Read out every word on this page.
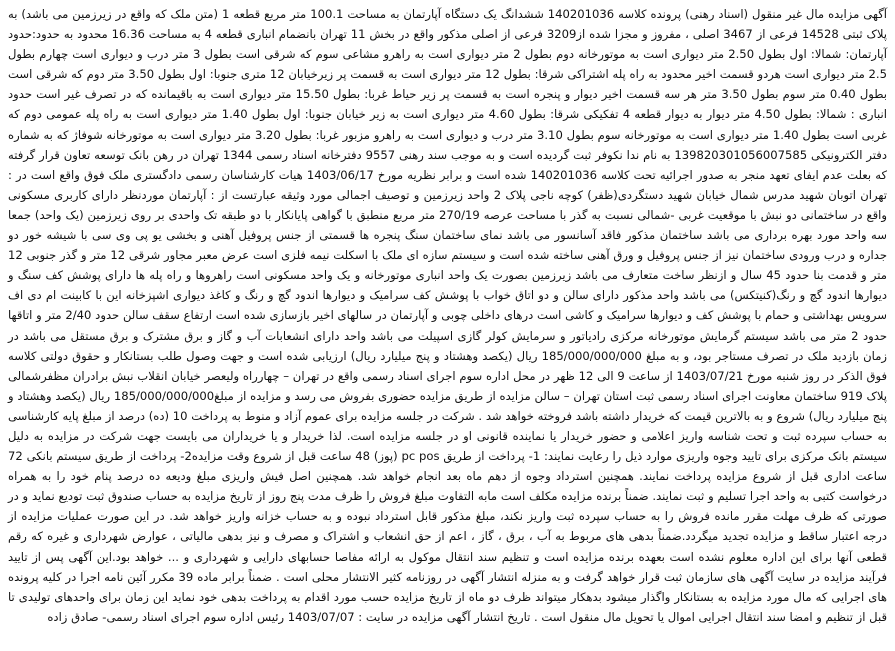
آگهی مزایده مال غیر منقول (اسناد رهنی) پرونده کلاسه 140201036 ششدانگ یک دستگاه آپارتمان به مساحت 100.1 متر مربع قطعه 1 (متن ملک که واقع در زیرزمین می باشد) به پلاک ثبتی 14528 فرعی از 3467 اصلی ، مفروز و مجزا شده از3209 فرعی از اصلی مذکور واقع در بخش 11 تهران بانضمام انباری قطعه 4 به مساحت 16.36 محدود به حدود:حدود آپارتمان: شمالا: اول بطول 2.50 متر دیواری است به موتورخانه دوم بطول 2 متر دیواری است به راهرو مشاعی سوم که شرقی است بطول 3 متر درب و دیواری است چهارم بطول 2.5 متر دیواری است هردو قسمت اخیر محدود به راه پله اشتراکی شرقا: بطول 12 متر دیواری است به قسمت پر زیرخیابان 12 متری جنوبا: اول بطول 3.50 متر دوم که شرقی است بطول 0.40 متر سوم بطول 3.50 متر هر سه قسمت اخیر دیوار و پنجره است به قسمت پر زیر حیاط غربا: بطول 15.50 متر دیواری است به باقیمانده که در تصرف غیر است حدود انباری : شمالا: بطول 4.50 متر دیوار به دیوار قطعه 4 تفکیکی شرقا: بطول 4.60 متر دیواری است به زیر خیابان جنوبا: اول بطول 1.40 متر دیواری است به راه پله عمومی دوم که غربی است بطول 1.40 متر دیواری است به موتورخانه سوم بطول 3.10 متر درب و دیواری است به راهرو مزبور غربا: بطول 3.20 متر دیواری است به موتورخانه شوفاژ که به شماره دفتر الکترونیکی 139820301056007585 به نام ندا نکوفر ثبت گردیده است و به موجب سند رهنی 9557 دفترخانه اسناد رسمی 1344 تهران در رهن بانک توسعه تعاون قرار گرفته که بعلت عدم ایفای تعهد منجر به صدور اجرائیه تحت کلاسه 140201036 شده است و برابر نظریه مورخ 1403/06/17 هیات کارشناسان رسمی دادگستری ملک فوق واقع است در : تهران اتوبان شهید مدرس شمال خیابان شهید دستگردی(ظفر) کوچه ناجی پلاک 2 واحد زیرزمین و توصیف اجمالی مورد وثیقه عبارتست از : آپارتمان موردنظر دارای کاربری مسکونی واقع در ساختمانی دو نبش با موقعیت غربی -شمالی نسبت به گذر با مساحت عرصه 270/19 متر مربع منطبق با گواهی پایانکار با دو طبقه تک واحدی بر روی زیرزمین (یک واحد) جمعا سه واحد مورد بهره برداری می باشد ساختمان مذکور فاقد آسانسور می باشد نمای ساختمان سنگ پنجره ها قسمتی از جنس پروفیل آهنی و بخشی یو پی وی سی با شیشه خور دو جداره و درب ورودی ساختمان نیز از جنس پروفیل و ورق آهنی ساخته شده است و سیستم سازه ای ملک با اسکلت نیمه فلزی است عرض معبر مجاور شرقی 12 متر و گذر جنوبی 12 متر و قدمت بنا حدود 45 سال و ازنظر ساخت متعارف می باشد زیرزمین بصورت یک واحد انباری موتورخانه و یک واحد مسکونی است راهروها و راه پله ها دارای پوشش کف سنگ و دیوارها اندود گچ و رنگ(کنیتکس) می باشد واحد مذکور دارای سالن و دو اتاق خواب با پوشش کف سرامیک و دیوارها اندود گچ و رنگ و کاغذ دیواری اشپزخانه این با کابینت ام دی اف سرویس بهداشتی و حمام با پوشش کف و دیوارها سرامیک و کاشی است درهای داخلی چوبی و آپارتمان در سالهای اخیر بازسازی شده است ارتفاع سقف سالن حدود 2/40 متر و اتاقها حدود 2 متر می باشد سیستم گرمایش موتورخانه مرکزی رادیاتور و سرمایش کولر گازی اسپیلت می باشد واحد دارای انشعابات آب و گاز و برق مشترک و برق مستقل می باشد در زمان بازدید ملک در تصرف مستاجر بود، و به مبلغ 185/000/000/000 ریال (یکصد وهشتاد و پنج میلیارد ریال) ارزیابی شده است و جهت وصول طلب بستانکار و حقوق دولتی کلاسه فوق الذکر در روز شنبه مورخ 1403/07/21 از ساعت 9 الی 12 ظهر در محل اداره سوم اجرای اسناد رسمی واقع در تهران – چهارراه ولیعصر خیابان انقلاب نبش برادران مظفرشمالی پلاک 919 ساختمان معاونت اجرای اسناد رسمی ثبت استان تهران – سالن مزایده از طریق مزایده حضوری بفروش می رسد و مزایده از مبلغ185/000/000/000 ریال (یکصد وهشتاد و پنج میلیارد ریال) شروع و به بالاترین قیمت که خریدار داشته باشد فروخته خواهد شد . شرکت در جلسه مزایده برای عموم آزاد و منوط به پرداخت 10 (ده) درصد از مبلغ پایه کارشناسی به حساب سپرده ثبت و تحت شناسه واریز اعلامی و حضور خریدار یا نماینده قانونی او در جلسه مزایده است. لذا خریدار و یا خریداران می بایست جهت شرکت در مزایده به دلیل سیستم بانک مرکزی برای تایید وجوه واریزی موارد ذیل را رعایت نمایند: 1- پرداخت از طریق pc pos (پوز) 48 ساعت قبل از شروع وقت مزایده2- پرداخت از طریق سیستم بانکی 72 ساعت اداری قبل از شروع مزایده پرداخت نمایند. همچنین استرداد وجوه از دهم ماه بعد انجام خواهد شد. همچنین اصل فیش واریزی مبلغ ودیعه ده درصد پنام خود را به همراه درخواست کتبی به واحد اجرا تسلیم و ثبت نمایند. ضمناً برنده مزایده مکلف است مابه التفاوت مبلغ فروش را ظرف مدت پنج روز از تاریخ مزایده به حساب صندوق ثبت تودیع نماید و در صورتی که ظرف مهلت مقرر مانده فروش را به حساب سپرده ثبت واریز نکند، مبلغ مذکور قابل استرداد نبوده و به حساب خزانه واریز خواهد شد. در این صورت عملیات مزایده از درجه اعتبار ساقط و مزایده تجدید میگردد.ضمناً بدهی های مربوط به آب ، برق ، گاز ، اعم از حق انشعاب و اشتراک و مصرف و نیز بدهی مالیاتی ، عوارض شهرداری و غیره که رقم قطعی آنها برای این اداره معلوم نشده است بعهده برنده مزایده است و تنظیم سند انتقال موکول به ارائه مفاصا حسابهای دارایی و شهرداری و ... خواهد بود.این آگهی پس از تایید فرآیند مزایده در سایت آگهی های سازمان ثبت قرار خواهد گرفت و به منزله انتشار آگهی در روزنامه کثیر الانتشار محلی است . ضمناً برابر ماده 39 مکرر آئین نامه اجرا در کلیه پرونده های اجرایی که مال مورد مزایده به بستانکار واگذار میشود بدهکار میتواند ظرف دو ماه از تاریخ مزایده حسب مورد اقدام به پرداخت بدهی خود نماید این زمان برای واحدهای تولیدی تا قبل از تنظیم و امضا سند انتقال اجرایی اموال یا تحویل مال منقول است . تاریخ انتشار آگهی مزایده در سایت : 1403/07/07 رئیس اداره سوم اجرای اسناد رسمی- صادق زاده
